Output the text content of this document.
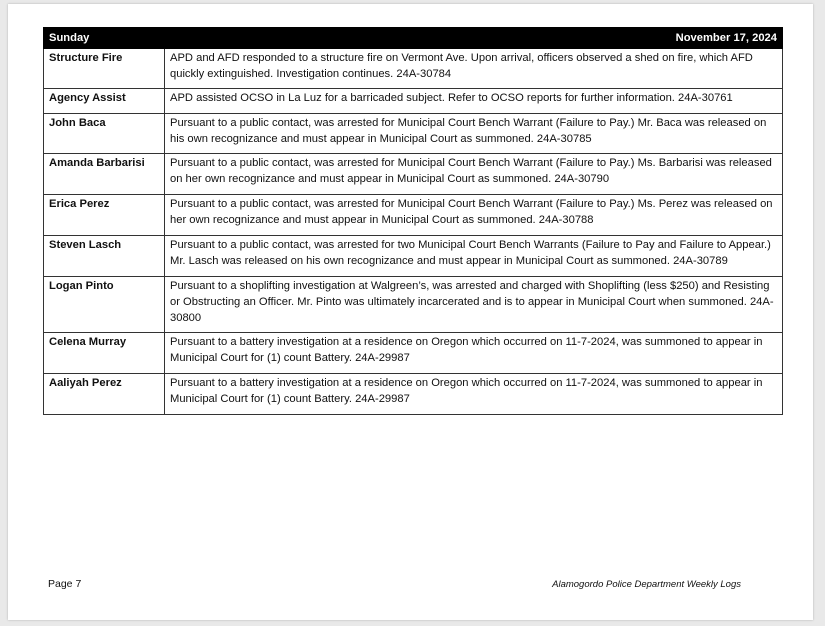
Sunday	November 17, 2024
Structure Fire	APD and AFD responded to a structure fire on Vermont Ave. Upon arrival, officers observed a shed on fire, which AFD quickly extinguished. Investigation continues. 24A-30784
Agency Assist	APD assisted OCSO in La Luz for a barricaded subject. Refer to OCSO reports for further information. 24A-30761
John Baca	Pursuant to a public contact, was arrested for Municipal Court Bench Warrant (Failure to Pay.) Mr. Baca was released on his own recognizance and must appear in Municipal Court as summoned. 24A-30785
Amanda Barbarisi	Pursuant to a public contact, was arrested for Municipal Court Bench Warrant (Failure to Pay.) Ms. Barbarisi was released on her own recognizance and must appear in Municipal Court as summoned. 24A-30790
Erica Perez	Pursuant to a public contact, was arrested for Municipal Court Bench Warrant (Failure to Pay.) Ms. Perez was released on her own recognizance and must appear in Municipal Court as summoned. 24A-30788
Steven Lasch	Pursuant to a public contact, was arrested for two Municipal Court Bench Warrants (Failure to Pay and Failure to Appear.) Mr. Lasch was released on his own recognizance and must appear in Municipal Court as summoned. 24A-30789
Logan Pinto	Pursuant to a shoplifting investigation at Walgreen’s, was arrested and charged with Shoplifting (less $250) and Resisting or Obstructing an Officer. Mr. Pinto was ultimately incarcerated and is to appear in Municipal Court when summoned. 24A-30800
Celena Murray	Pursuant to a battery investigation at a residence on Oregon which occurred on 11-7-2024, was summoned to appear in Municipal Court for (1) count Battery. 24A-29987
Aaliyah Perez	Pursuant to a battery investigation at a residence on Oregon which occurred on 11-7-2024, was summoned to appear in Municipal Court for (1) count Battery. 24A-29987
Page 7	Alamogordo Police Department Weekly Logs
